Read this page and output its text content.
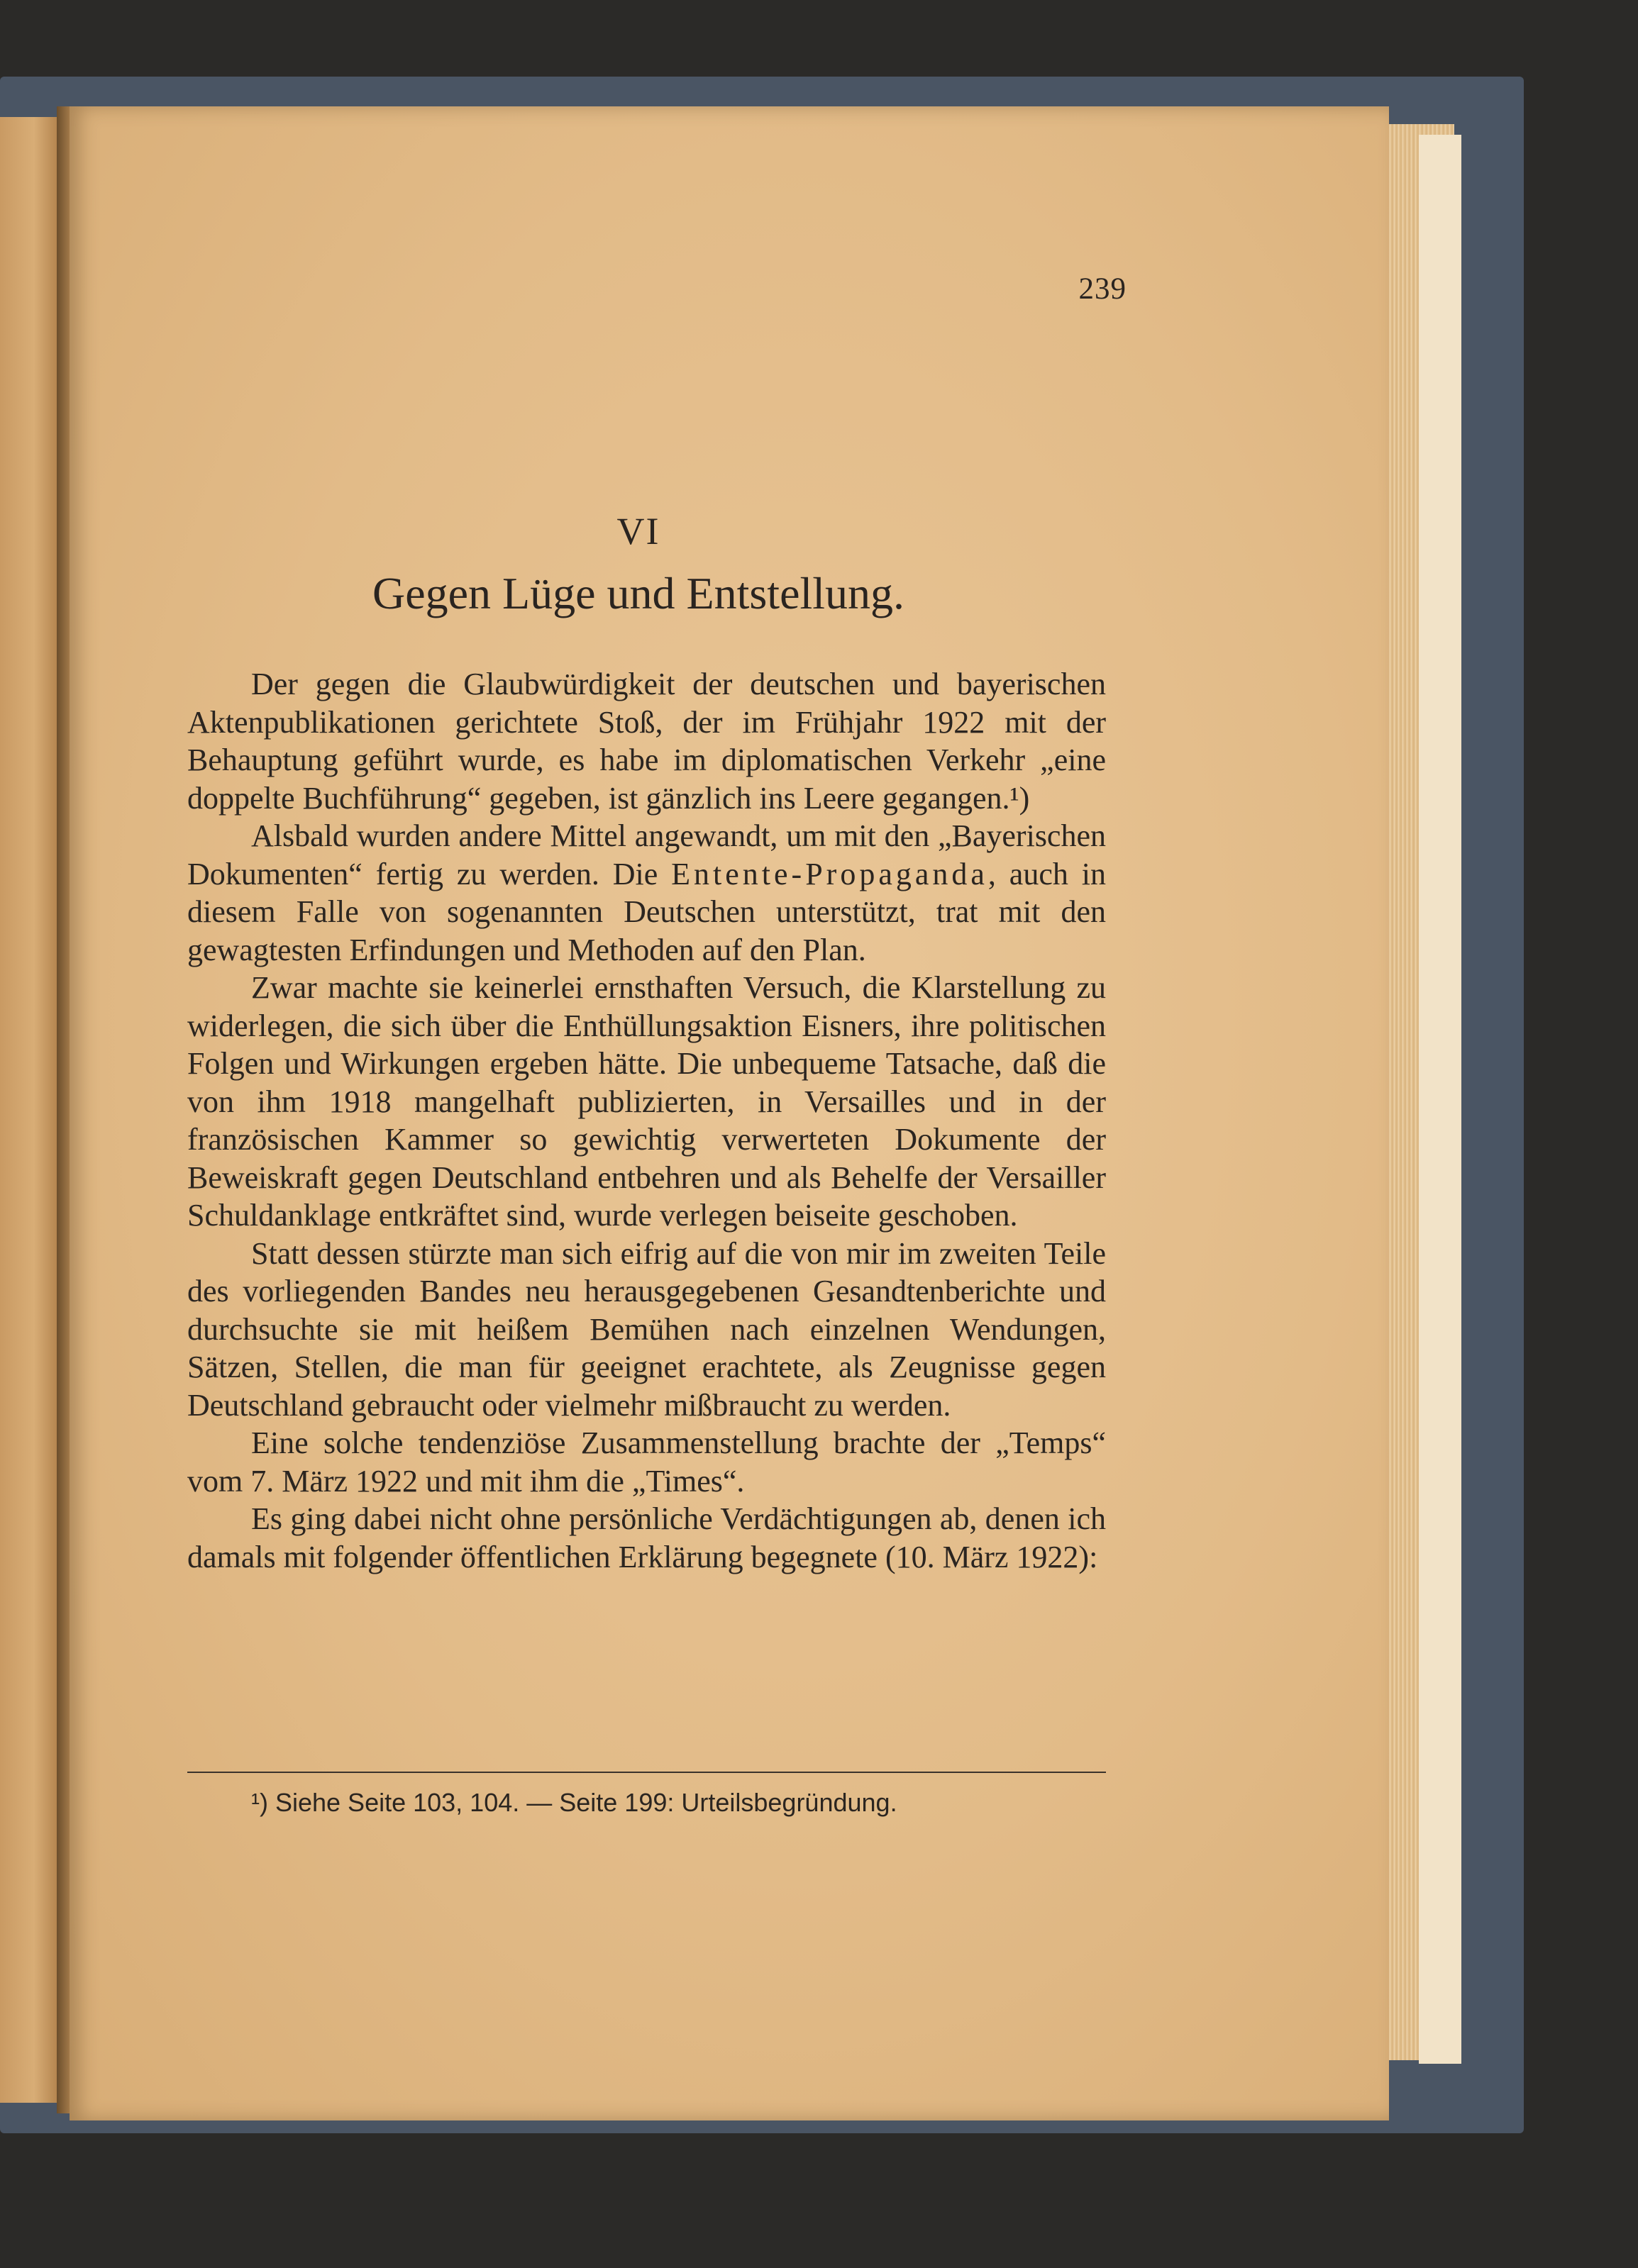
239
VI
Gegen Lüge und Entstellung.

Der gegen die Glaubwürdigkeit der deutschen und bayerischen Aktenpublikationen gerichtete Stoß, der im Frühjahr 1922 mit der Behauptung geführt wurde, es habe im diplomatischen Verkehr „eine doppelte Buchführung“ gegeben, ist gänzlich ins Leere gegangen.¹)

Alsbald wurden andere Mittel angewandt, um mit den „Bayerischen Dokumenten“ fertig zu werden. Die Entente-Propaganda, auch in diesem Falle von sogenannten Deutschen unterstützt, trat mit den gewagtesten Erfindungen und Methoden auf den Plan.

Zwar machte sie keinerlei ernsthaften Versuch, die Klarstellung zu widerlegen, die sich über die Enthüllungsaktion Eisners, ihre politischen Folgen und Wirkungen ergeben hätte. Die unbequeme Tatsache, daß die von ihm 1918 mangelhaft publizierten, in Versailles und in der französischen Kammer so gewichtig verwerteten Dokumente der Beweiskraft gegen Deutschland entbehren und als Behelfe der Versailler Schuldanklage entkräftet sind, wurde verlegen beiseite geschoben.

Statt dessen stürzte man sich eifrig auf die von mir im zweiten Teile des vorliegenden Bandes neu herausgegebenen Gesandtenberichte und durchsuchte sie mit heißem Bemühen nach einzelnen Wendungen, Sätzen, Stellen, die man für geeignet erachtete, als Zeugnisse gegen Deutschland gebraucht oder vielmehr mißbraucht zu werden.

Eine solche tendenziöse Zusammenstellung brachte der „Temps“ vom 7. März 1922 und mit ihm die „Times“.

Es ging dabei nicht ohne persönliche Verdächtigungen ab, denen ich damals mit folgender öffentlichen Erklärung begegnete (10. März 1922):

¹) Siehe Seite 103, 104. — Seite 199: Urteilsbegründung.
